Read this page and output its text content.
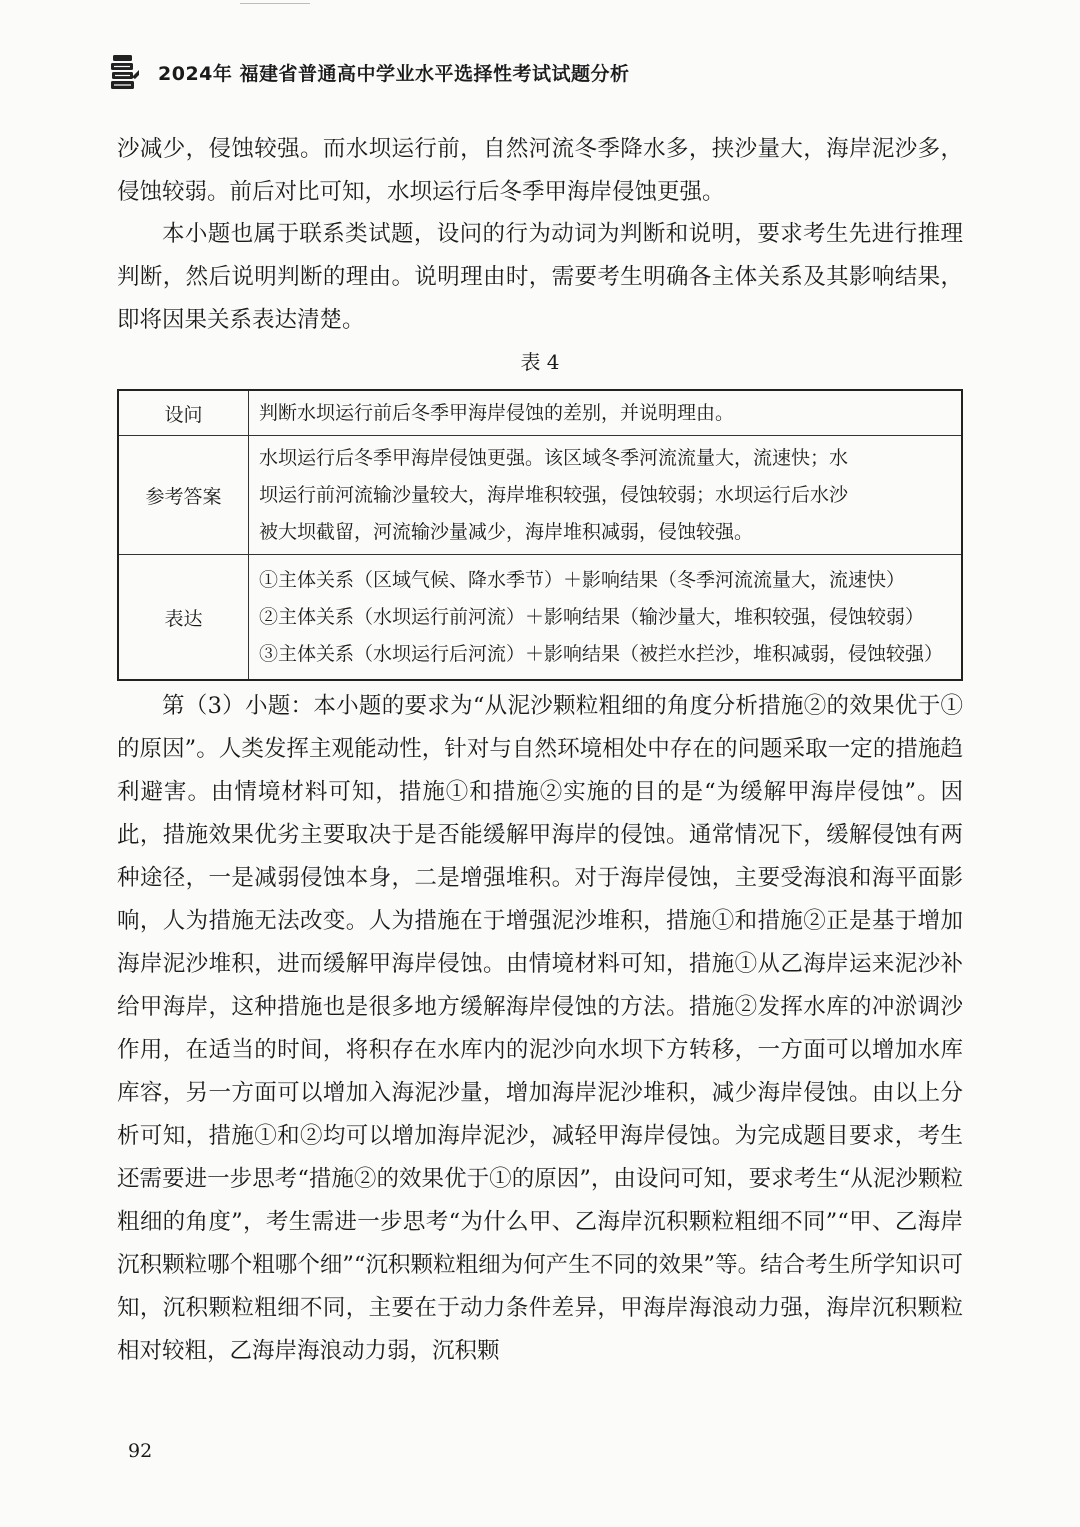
2024年 福建省普通高中学业水平选择性考试试题分析

沙减少，侵蚀较强。而水坝运行前，自然河流冬季降水多，挟沙量大，海岸泥沙多，侵蚀较弱。前后对比可知，水坝运行后冬季甲海岸侵蚀更强。

本小题也属于联系类试题，设问的行为动词为判断和说明，要求考生先进行推理判断，然后说明判断的理由。说明理由时，需要考生明确各主体关系及其影响结果，即将因果关系表达清楚。

表 4
设问	判断水坝运行前后冬季甲海岸侵蚀的差别，并说明理由。

参考答案	水坝运行后冬季甲海岸侵蚀更强。该区域冬季河流流量大，流速快；水
坝运行前河流输沙量较大，海岸堆积较强，侵蚀较弱；水坝运行后水沙
被大坝截留，河流输沙量减少，海岸堆积减弱，侵蚀较强。

表达	①主体关系（区域气候、降水季节）＋影响结果（冬季河流流量大，流速快）
②主体关系（水坝运行前河流）＋影响结果（输沙量大，堆积较强，侵蚀较弱）
③主体关系（水坝运行后河流）＋影响结果（被拦水拦沙，堆积减弱，侵蚀较强）

第（3）小题：本小题的要求为“从泥沙颗粒粗细的角度分析措施②的效果优于①的原因”。人类发挥主观能动性，针对与自然环境相处中存在的问题采取一定的措施趋利避害。由情境材料可知，措施①和措施②实施的目的是“为缓解甲海岸侵蚀”。因此，措施效果优劣主要取决于是否能缓解甲海岸的侵蚀。通常情况下，缓解侵蚀有两种途径，一是减弱侵蚀本身，二是增强堆积。对于海岸侵蚀，主要受海浪和海平面影响，人为措施无法改变。人为措施在于增强泥沙堆积，措施①和措施②正是基于增加海岸泥沙堆积，进而缓解甲海岸侵蚀。由情境材料可知，措施①从乙海岸运来泥沙补给甲海岸，这种措施也是很多地方缓解海岸侵蚀的方法。措施②发挥水库的冲淤调沙作用，在适当的时间，将积存在水库内的泥沙向水坝下方转移，一方面可以增加水库库容，另一方面可以增加入海泥沙量，增加海岸泥沙堆积，减少海岸侵蚀。由以上分析可知，措施①和②均可以增加海岸泥沙，减轻甲海岸侵蚀。为完成题目要求，考生还需要进一步思考“措施②的效果优于①的原因”，由设问可知，要求考生“从泥沙颗粒粗细的角度”，考生需进一步思考“为什么甲、乙海岸沉积颗粒粗细不同”“甲、乙海岸沉积颗粒哪个粗哪个细”“沉积颗粒粗细为何产生不同的效果”等。结合考生所学知识可知，沉积颗粒粗细不同，主要在于动力条件差异，甲海岸海浪动力强，海岸沉积颗粒相对较粗，乙海岸海浪动力弱，沉积颗

92
